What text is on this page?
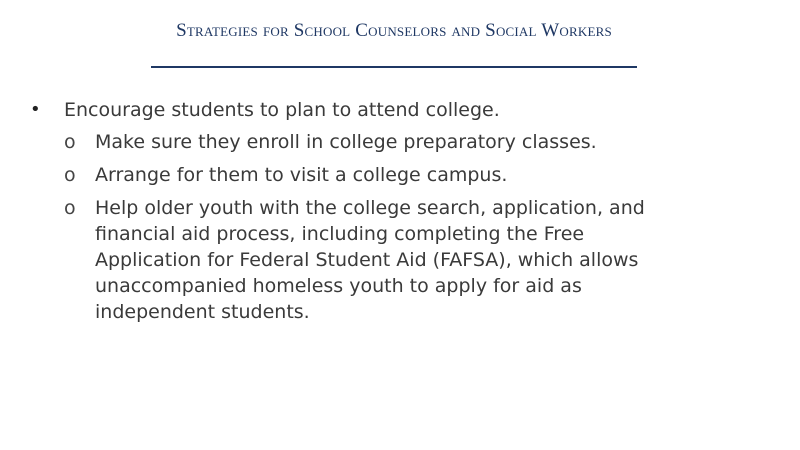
Strategies for School Counselors and Social Workers
•	Encourage students to plan to attend college.
o	Make sure they enroll in college preparatory classes.
o	Arrange for them to visit a college campus.
o	Help older youth with the college search, application, and financial aid process, including completing the Free Application for Federal Student Aid (FAFSA), which allows unaccompanied homeless youth to apply for aid as independent students.
